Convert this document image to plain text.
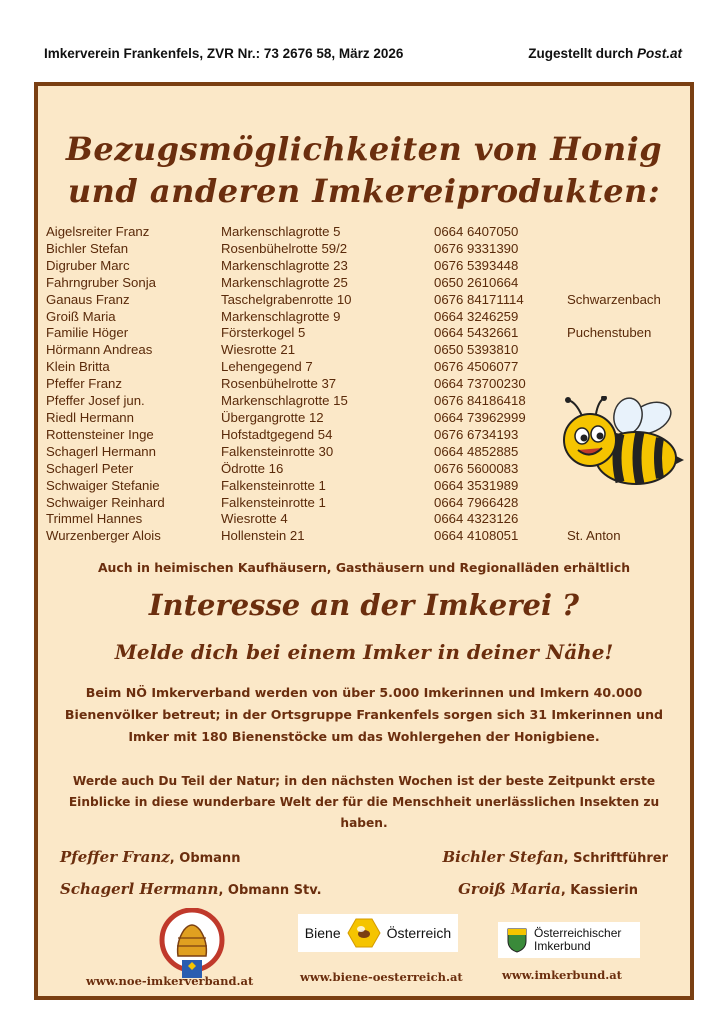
Imkerverein Frankenfels, ZVR Nr.: 73 2676 58, März 2026	Zugestellt durch Post.at
Bezugsmöglichkeiten von Honig
und anderen Imkereiprodukten:
Aigelsreiter Franz	Markenschlagrotte 5	0664 6407050	
Bichler Stefan	Rosenbühelrotte 59/2	0676 9331390	
Digruber Marc	Markenschlagrotte 23	0676 5393448	
Fahrngruber Sonja	Markenschlagrotte 25	0650 2610664	
Ganaus Franz	Taschelgrabenrotte 10	0676 84171114	Schwarzenbach
Groiß Maria	Markenschlagrotte 9	0664 3246259	
Familie Höger	Försterkogel 5	0664 5432661	Puchenstuben
Hörmann Andreas	Wiesrotte 21	0650 5393810	
Klein Britta	Lehengegend 7	0676 4506077	
Pfeffer Franz	Rosenbühelrotte 37	0664 73700230	
Pfeffer Josef jun.	Markenschlagrotte 15	0676 84186418	
Riedl Hermann	Übergangrotte 12	0664 73962999	
Rottensteiner Inge	Hofstadtgegend 54	0676 6734193	
Schagerl Hermann	Falkensteinrotte 30	0664 4852885	
Schagerl Peter	Ödrotte 16	0676 5600083	
Schwaiger Stefanie	Falkensteinrotte 1	0664 3531989	
Schwaiger Reinhard	Falkensteinrotte 1	0664 7966428	
Trimmel Hannes	Wiesrotte 4	0664 4323126	
Wurzenberger Alois	Hollenstein 21	0664 4108051	St. Anton
Auch in heimischen Kaufhäusern, Gasthäusern und Regionalläden erhältlich
Interesse an der Imkerei ?
Melde dich bei einem Imker in deiner Nähe!
Beim NÖ Imkerverband werden von über 5.000 Imkerinnen und Imkern 40.000 Bienenvölker betreut; in der Ortsgruppe Frankenfels sorgen sich 31 Imkerinnen und Imker mit 180 Bienenstöcke um das Wohlergehen der Honigbiene.
Werde auch Du Teil der Natur; in den nächsten Wochen ist der beste Zeitpunkt erste Einblicke in diese wunderbare Welt der für die Menschheit unerlässlichen Insekten zu haben.
Pfeffer Franz, Obmann	Bichler Stefan, Schriftführer
Schagerl Hermann, Obmann Stv.	Groiß Maria, Kassierin
Biene	Österreich	Österreichischer
Imkerbund
www.noe-imkerverband.at	www.biene-oesterreich.at	www.imkerbund.at
